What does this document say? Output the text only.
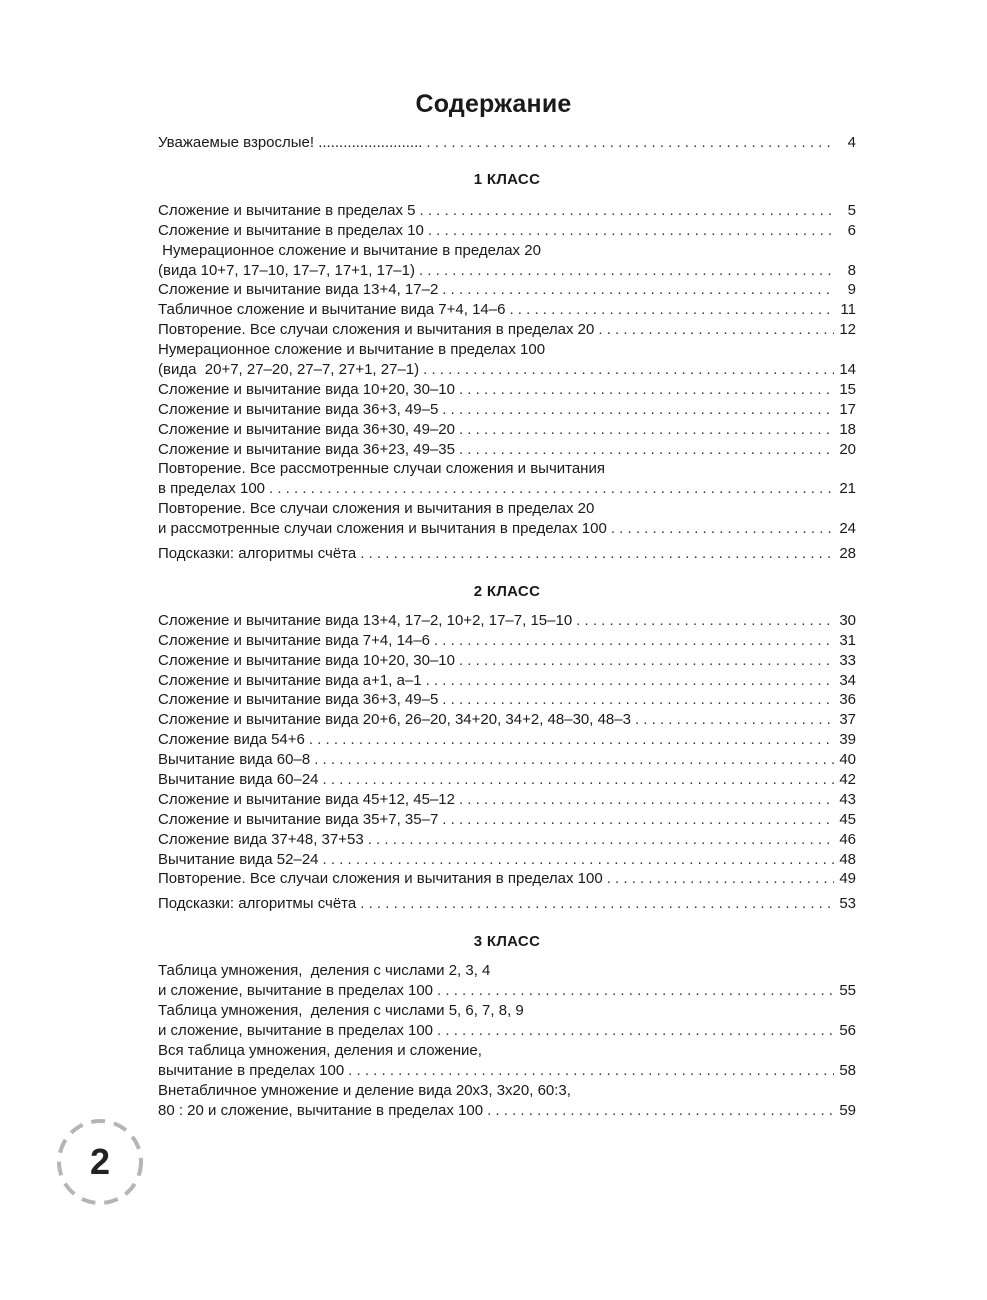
Содержание
Уважаемые взрослые! ......................... . . .	4
1 КЛАСС
Сложение и вычитание в пределах 5 . . .	5
Сложение и вычитание в пределах 10 . . .	6
Нумерационное сложение и вычитание в пределах 20
(вида 10+7, 17–10, 17–7, 17+1, 17–1) . . .	8
Сложение и вычитание вида 13+4, 17–2 . . .	9
Табличное сложение и вычитание вида 7+4, 14–6 . . .	11
Повторение. Все случаи сложения и вычитания в пределах 20 . . .	12
Нумерационное сложение и вычитание в пределах 100
(вида  20+7, 27–20, 27–7, 27+1, 27–1) . . .	14
Сложение и вычитание вида 10+20, 30–10 . . .	15
Сложение и вычитание вида 36+3, 49–5 . . .	17
Сложение и вычитание вида 36+30, 49–20 . . .	18
Сложение и вычитание вида 36+23, 49–35 . . .	20
Повторение. Все рассмотренные случаи сложения и вычитания
в пределах 100 . . .	21
Повторение. Все случаи сложения и вычитания в пределах 20
и рассмотренные случаи сложения и вычитания в пределах 100 . . .	24
Подсказки: алгоритмы счёта . . .	28
2 КЛАСС
Сложение и вычитание вида 13+4, 17–2, 10+2, 17–7, 15–10 . . .	30
Сложение и вычитание вида 7+4, 14–6 . . .	31
Сложение и вычитание вида 10+20, 30–10 . . .	33
Сложение и вычитание вида а+1, а–1 . . .	34
Сложение и вычитание вида 36+3, 49–5 . . .	36
Сложение и вычитание вида 20+6, 26–20, 34+20, 34+2, 48–30, 48–3 . . .	37
Сложение вида 54+6 . . .	39
Вычитание вида 60–8 . . .	40
Вычитание вида 60–24 . . .	42
Сложение и вычитание вида 45+12, 45–12 . . .	43
Сложение и вычитание вида 35+7, 35–7 . . .	45
Сложение вида 37+48, 37+53 . . .	46
Вычитание вида 52–24 . . .	48
Повторение. Все случаи сложения и вычитания в пределах 100 . . .	49
Подсказки: алгоритмы счёта . . .	53
3 КЛАСС
Таблица умножения,  деления с числами 2, 3, 4
и сложение, вычитание в пределах 100 . . .	55
Таблица умножения,  деления с числами 5, 6, 7, 8, 9
и сложение, вычитание в пределах 100 . . .	56
Вся таблица умножения, деления и сложение,
вычитание в пределах 100 . . .	58
Внетабличное умножение и деление вида 20х3, 3х20, 60:3,
80 : 20 и сложение, вычитание в пределах 100 . . .	59
2
